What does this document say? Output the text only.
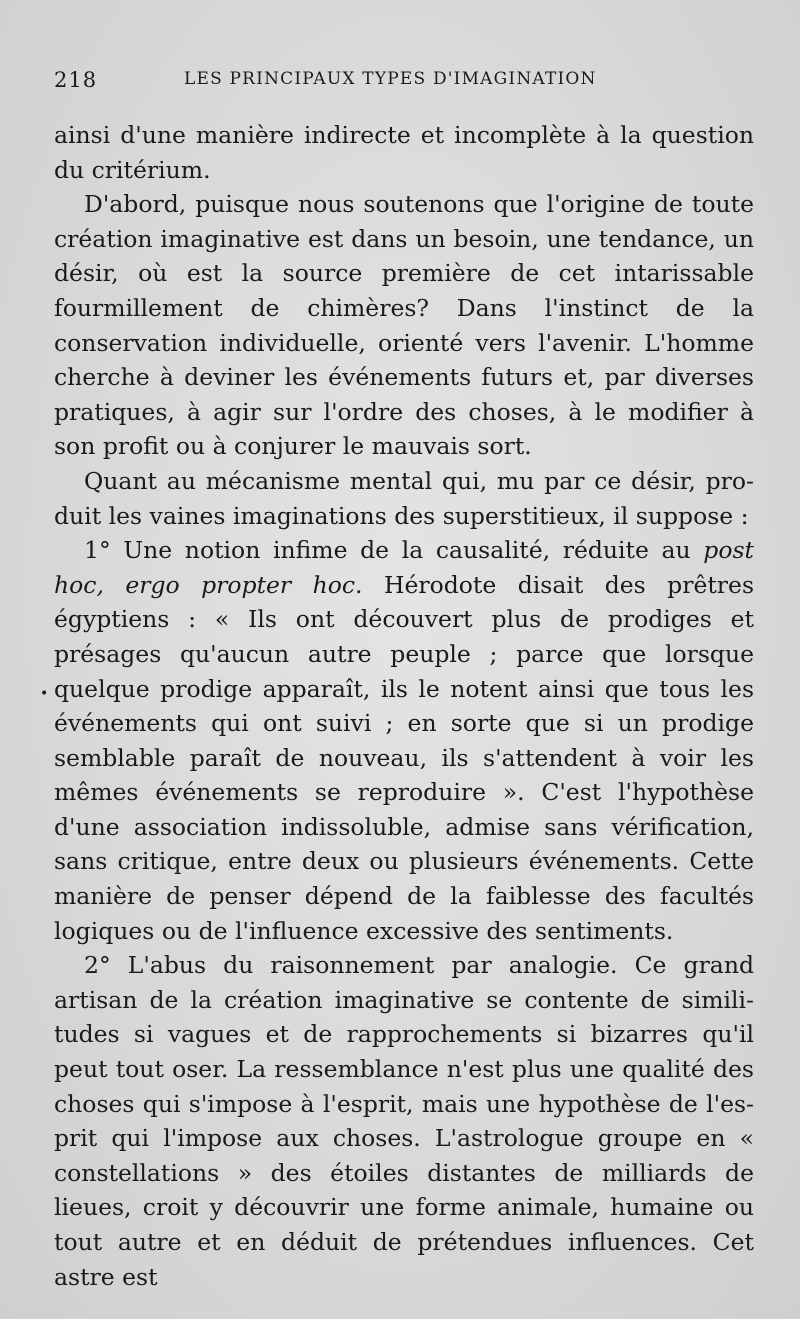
218	LES PRINCIPAUX TYPES D'IMAGINATION
•

ainsi d'une manière indirecte et incomplète à la question du critérium.

D'abord, puisque nous soutenons que l'origine de toute création imaginative est dans un besoin, une tendance, un désir, où est la source première de cet intarissable fourmillement de chimères? Dans l'instinct de la conservation individuelle, orienté vers l'avenir. L'homme cherche à deviner les événements futurs et, par diverses pratiques, à agir sur l'ordre des choses, à le modifier à son profit ou à conjurer le mauvais sort.

Quant au mécanisme mental qui, mu par ce désir, produit les vaines imaginations des superstitieux, il suppose :

1° Une notion infime de la causalité, réduite au post hoc, ergo propter hoc. Hérodote disait des prêtres égyptiens : « Ils ont découvert plus de prodiges et présages qu'aucun autre peuple ; parce que lorsque quelque prodige apparaît, ils le notent ainsi que tous les événements qui ont suivi ; en sorte que si un prodige semblable paraît de nouveau, ils s'attendent à voir les mêmes événements se reproduire ». C'est l'hypothèse d'une association indissoluble, admise sans vérification, sans critique, entre deux ou plusieurs événements. Cette manière de penser dépend de la faiblesse des facultés logiques ou de l'influence excessive des sentiments.

2° L'abus du raisonnement par analogie. Ce grand artisan de la création imaginative se contente de similitudes si vagues et de rapprochements si bizarres qu'il peut tout oser. La ressemblance n'est plus une qualité des choses qui s'impose à l'esprit, mais une hypothèse de l'esprit qui l'impose aux choses. L'astrologue groupe en « constellations » des étoiles distantes de milliards de lieues, croit y découvrir une forme animale, humaine ou tout autre et en déduit de prétendues influences. Cet astre est
